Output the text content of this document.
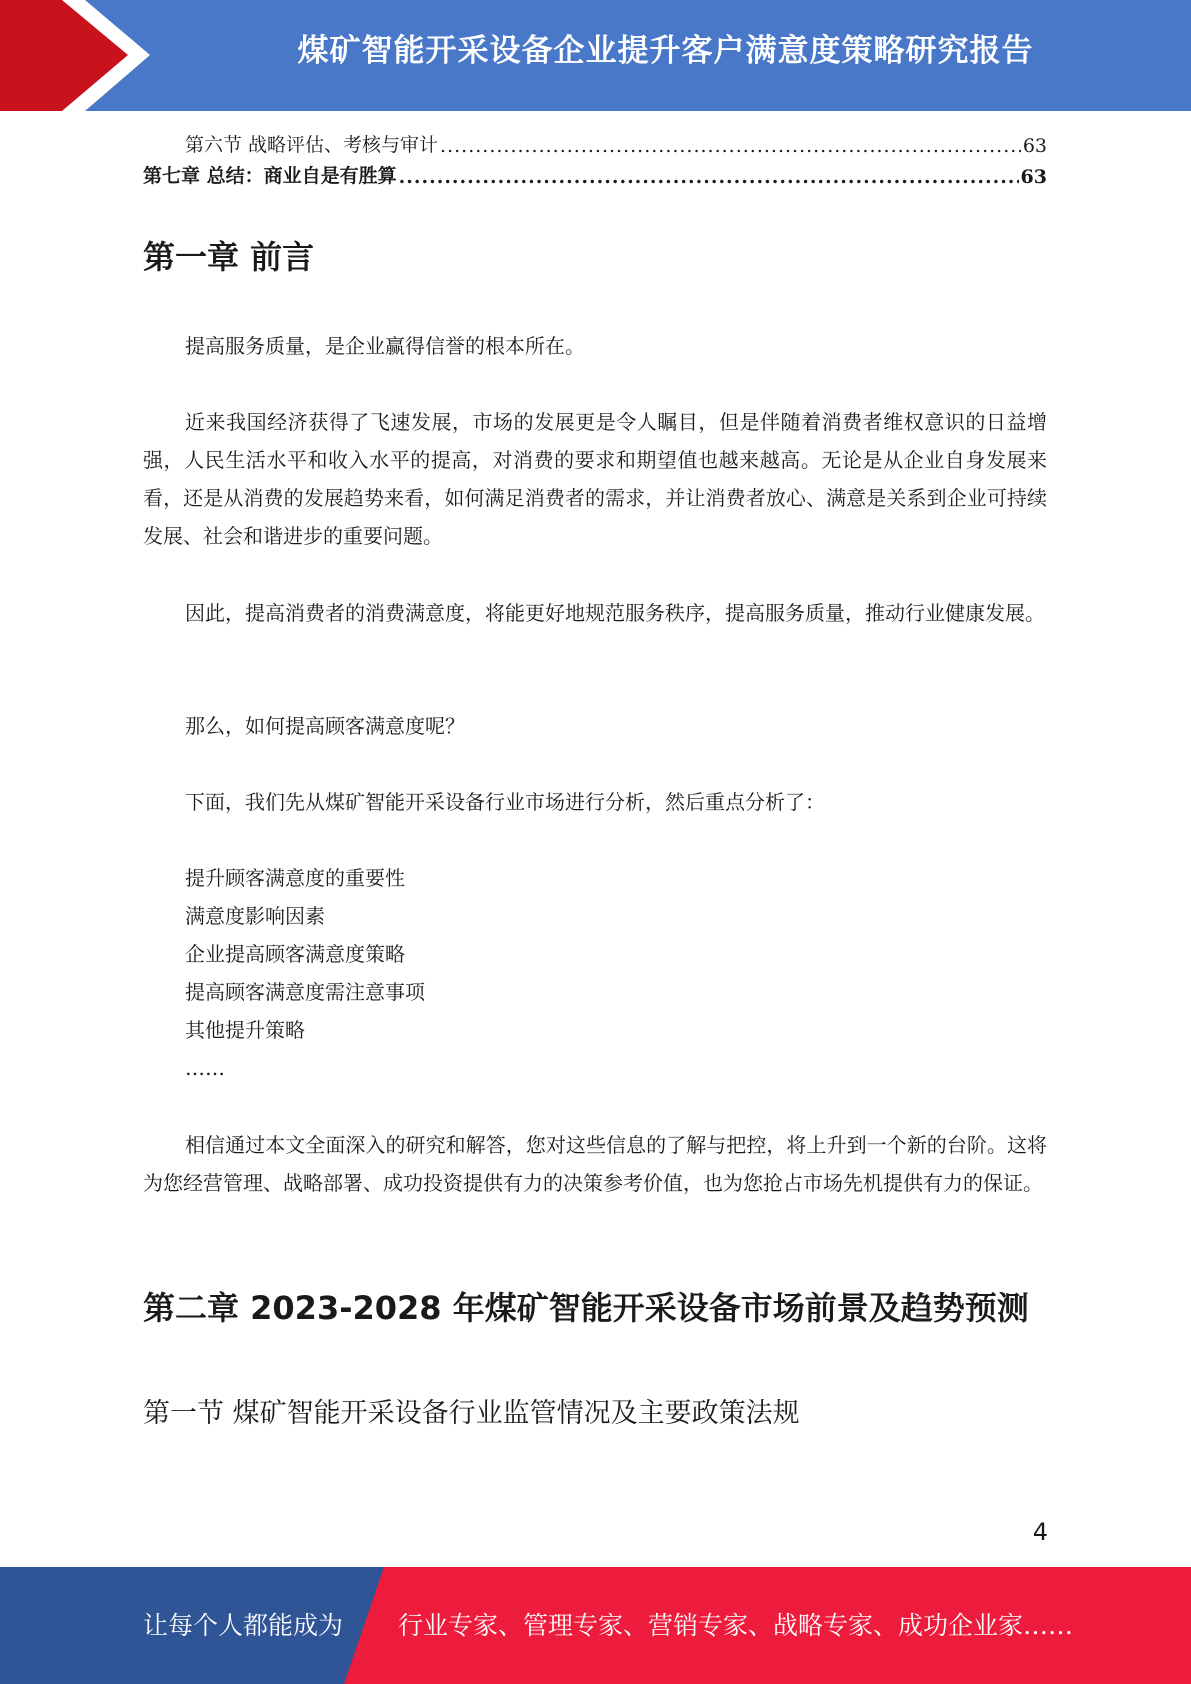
煤矿智能开采设备企业提升客户满意度策略研究报告
第六节 战略评估、考核与审计 .....	63
第七章 总结：商业自是有胜算 .....	63
第一章 前言

提高服务质量，是企业赢得信誉的根本所在。

近来我国经济获得了飞速发展，市场的发展更是令人瞩目，但是伴随着消费者维权意识的日益增强，人民生活水平和收入水平的提高，对消费的要求和期望值也越来越高。无论是从企业自身发展来看，还是从消费的发展趋势来看，如何满足消费者的需求，并让消费者放心、满意是关系到企业可持续发展、社会和谐进步的重要问题。

因此，提高消费者的消费满意度，将能更好地规范服务秩序，提高服务质量，推动行业健康发展。

那么，如何提高顾客满意度呢？

下面，我们先从煤矿智能开采设备行业市场进行分析，然后重点分析了：

提升顾客满意度的重要性
满意度影响因素
企业提高顾客满意度策略
提高顾客满意度需注意事项
其他提升策略
……

相信通过本文全面深入的研究和解答，您对这些信息的了解与把控，将上升到一个新的台阶。这将为您经营管理、战略部署、成功投资提供有力的决策参考价值，也为您抢占市场先机提供有力的保证。

第二章 2023-2028 年煤矿智能开采设备市场前景及趋势预测
第一节 煤矿智能开采设备行业监管情况及主要政策法规
4
让每个人都能成为 行业专家、管理专家、营销专家、战略专家、成功企业家……
